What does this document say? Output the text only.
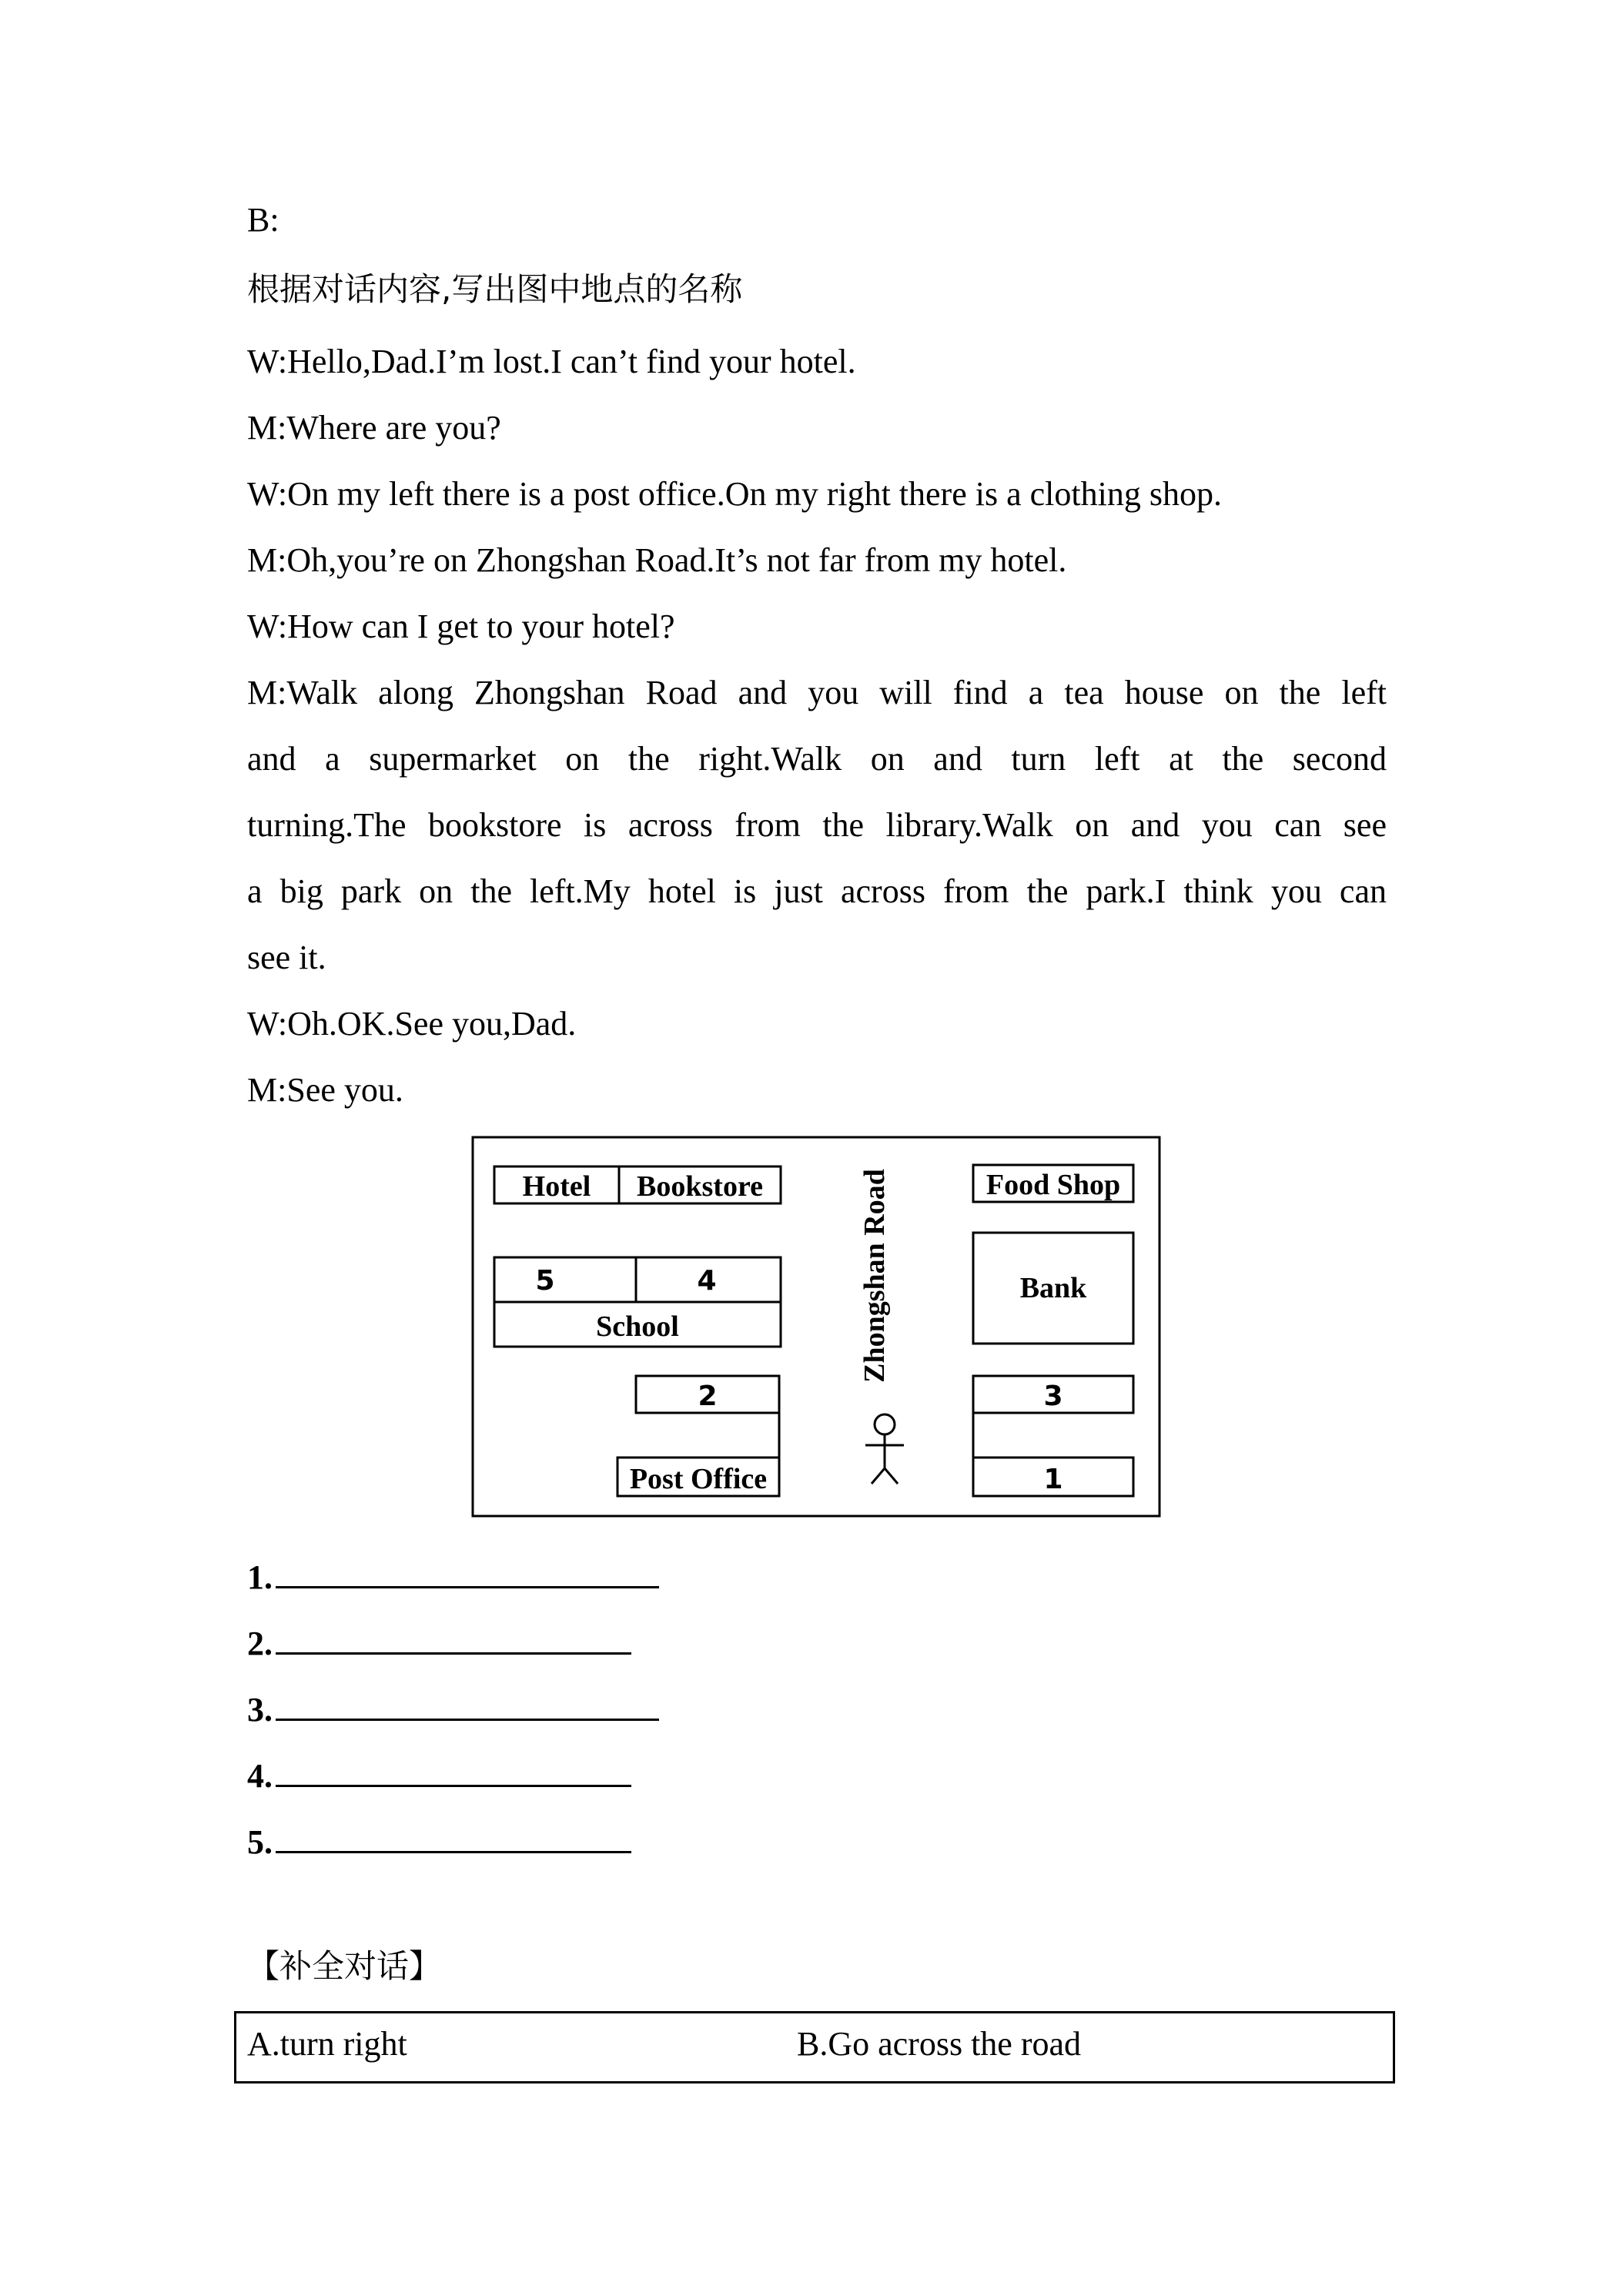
B:
根据对话内容,写出图中地点的名称
W:Hello,Dad.I’m lost.I can’t find your hotel.
M:Where are you?
W:On my left there is a post office.On my right there is a clothing shop.
M:Oh,you’re on Zhongshan Road.It’s not far from my hotel.
W:How can I get to your hotel?
M:Walk along Zhongshan Road and you will find a tea house on the left
and a supermarket on the right.Walk on and turn left at the second
turning.The bookstore is across from the library.Walk on and you can see
a big park on the left.My hotel is just across from the park.I think you can
see it.
W:Oh.OK.See you,Dad.
M:See you.
Hotel Bookstore	Food Shop
Bank
School
Post Office
5	4
2	3
1
Zhongshan Road
1.
2.
3.
4.
5.
【补全对话】
A.turn right	B.Go across the road
